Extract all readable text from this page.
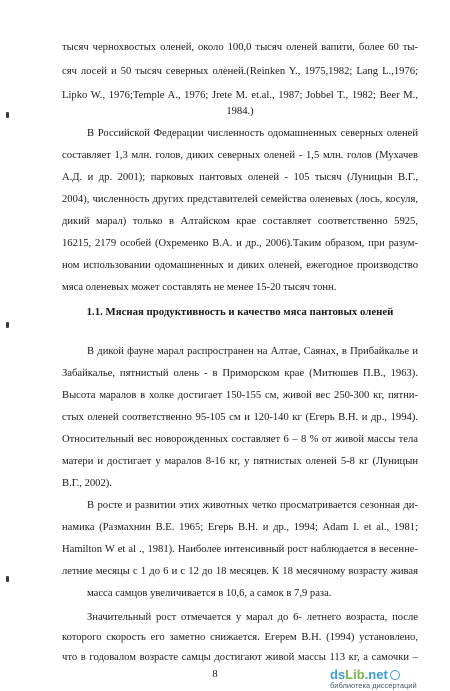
тысяч чернохвостых оленей, около 100,0 тысяч оленей вапити, более 60 ты-
сяч лосей и 50 тысяч северных оленей.(Reinken Y., 1975,1982; Lang L.,1976;
Lipko W., 1976;Temple A., 1976; Jrete M. et.al., 1987; Jobbel T., 1982; Beer M.,
1984.)
В Российской Федерации численность одомашненных северных оленей
составляет 1,3 млн. голов, диких северных оленей - 1,5 млн. голов (Мухачев
А.Д. и др. 2001); парковых пантовых оленей - 105 тысяч (Луницын В.Г.,
2004), численность других представителей семейства оленевых (лось, косуля,
дикий марал) только в Алтайском крае составляет соответственно 5925,
16215, 2179 особей (Охременко В.А. и др., 2006).Таким образом, при разум-
ном использовании одомашненных и диких оленей, ежегодное производство
мяса оленевых может составлять не менее 15-20 тысяч тонн.
1.1. Мясная продуктивность и качество мяса пантовых оленей
В дикой фауне марал распространен на Алтае, Саянах, в Прибайкалье и
Забайкалье, пятнистый олень - в Приморском крае (Митюшев П.В., 1963).
Высота маралов в холке достигает 150-155 см, живой вес 250-300 кг, пятни-
стых оленей соответственно 95-105 см и 120-140 кг (Егерь В.Н. и др., 1994).
Относительный вес новорожденных составляет 6 – 8 % от живой массы тела
матери и достигает у маралов 8-16 кг, у пятнистых оленей 5-8 кг (Луницын
В.Г., 2002).
В росте и развитии этих животных четко просматривается сезонная ди-
намика (Размахнин В.Е. 1965; Егерь В.Н. и др., 1994; Adam I. et al., 1981;
Hamilton W et al ., 1981). Наиболее интенсивный рост наблюдается в весенне-
летние месяцы с 1 до 6 и с 12 до 18 месяцев. К 18 месячному возрасту живая
масса самцов увеличивается в 10,6, а самок в 7,9 раза.
Значительный рост отмечается у марал до 6- летнего возраста, после
которого скорость его заметно снижается. Егерем В.Н. (1994) установлено,
что в годовалом возрасте самцы достигают живой массы 113 кг, а самочки –
8	ds Lib .net
библиотека диссертаций
